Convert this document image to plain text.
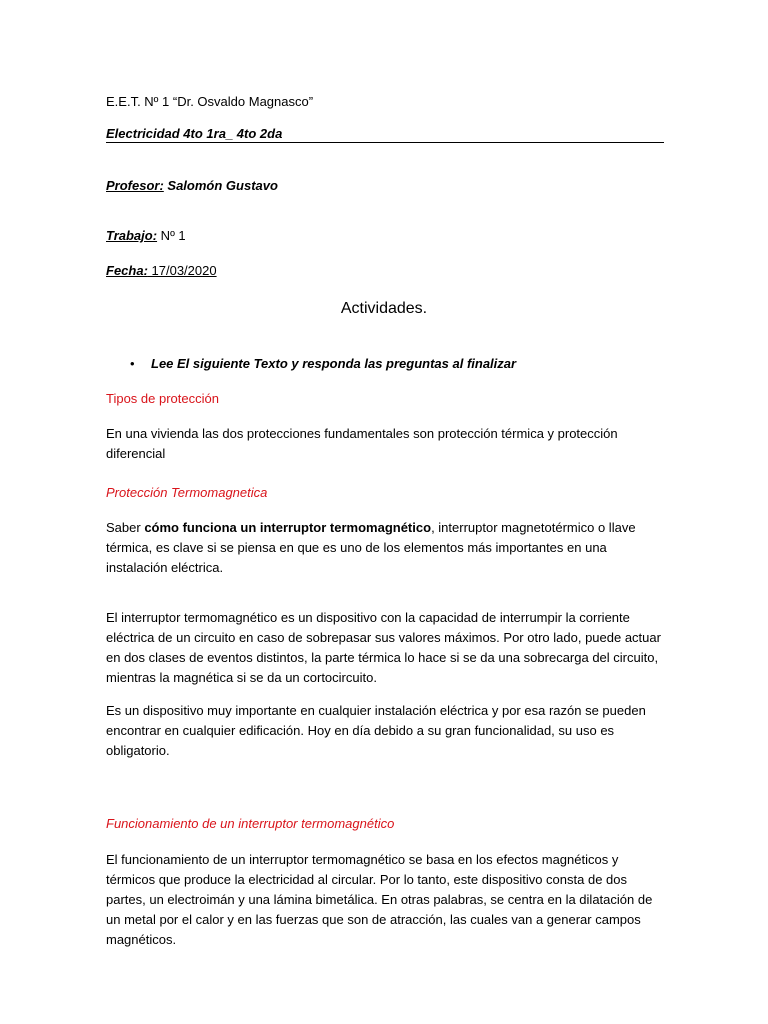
E.E.T. Nº 1 “Dr. Osvaldo Magnasco”
Electricidad 4to 1ra_ 4to 2da
Profesor: Salomón Gustavo
Trabajo: Nº 1
Fecha: 17/03/2020
Actividades.
• Lee El siguiente Texto y responda las preguntas al finalizar
Tipos de protección

En una vivienda las dos protecciones fundamentales son protección térmica y protección diferencial

Protección Termomagnetica

Saber cómo funciona un interruptor termomagnético, interruptor magnetotérmico o llave térmica, es clave si se piensa en que es uno de los elementos más importantes en una instalación eléctrica.

El interruptor termomagnético es un dispositivo con la capacidad de interrumpir la corriente eléctrica de un circuito en caso de sobrepasar sus valores máximos. Por otro lado, puede actuar en dos clases de eventos distintos, la parte térmica lo hace si se da una sobrecarga del circuito, mientras la magnética si se da un cortocircuito.

Es un dispositivo muy importante en cualquier instalación eléctrica y por esa razón se pueden encontrar en cualquier edificación. Hoy en día debido a su gran funcionalidad, su uso es obligatorio.

Funcionamiento de un interruptor termomagnético

El funcionamiento de un interruptor termomagnético se basa en los efectos magnéticos y térmicos que produce la electricidad al circular. Por lo tanto, este dispositivo consta de dos partes, un electroimán y una lámina bimetálica. En otras palabras, se centra en la dilatación de un metal por el calor y en las fuerzas que son de atracción, las cuales van a generar campos magnéticos.
